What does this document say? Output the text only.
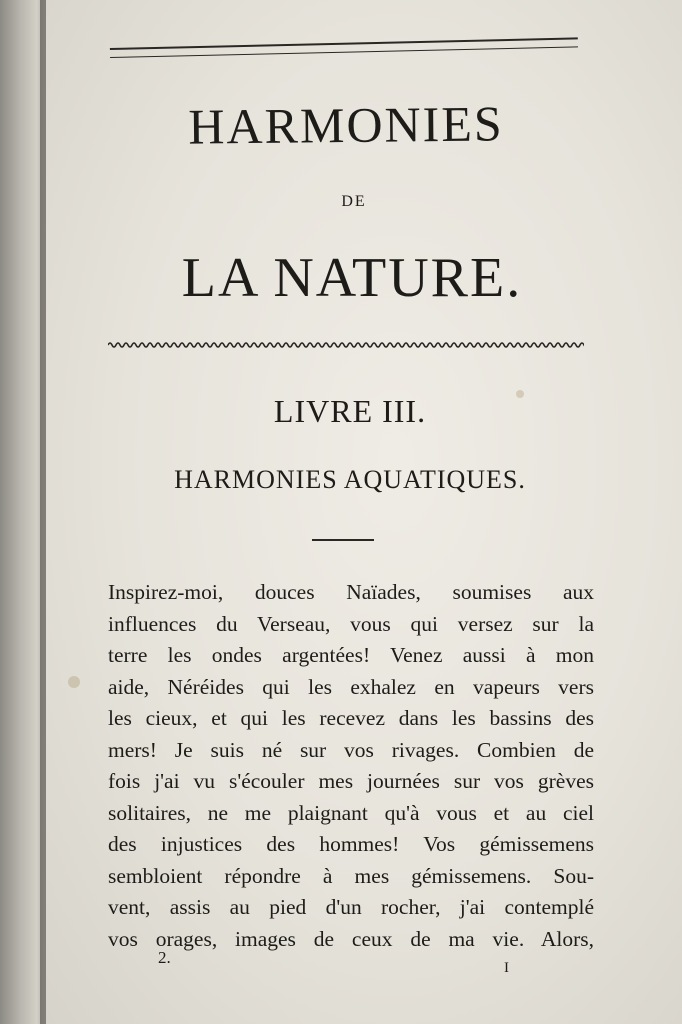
HARMONIES
DE
LA NATURE.
LIVRE III.
HARMONIES AQUATIQUES.
Inspirez-moi, douces Naïades, soumises aux
influences du Verseau, vous qui versez sur la
terre les ondes argentées! Venez aussi à mon
aide, Néréides qui les exhalez en vapeurs vers
les cieux, et qui les recevez dans les bassins des
mers! Je suis né sur vos rivages. Combien de
fois j'ai vu s'écouler mes journées sur vos grèves
solitaires, ne me plaignant qu'à vous et au ciel
des injustices des hommes! Vos gémissemens
sembloient répondre à mes gémissemens. Sou-
vent, assis au pied d'un rocher, j'ai contemplé
vos orages, images de ceux de ma vie. Alors,
2.
I
